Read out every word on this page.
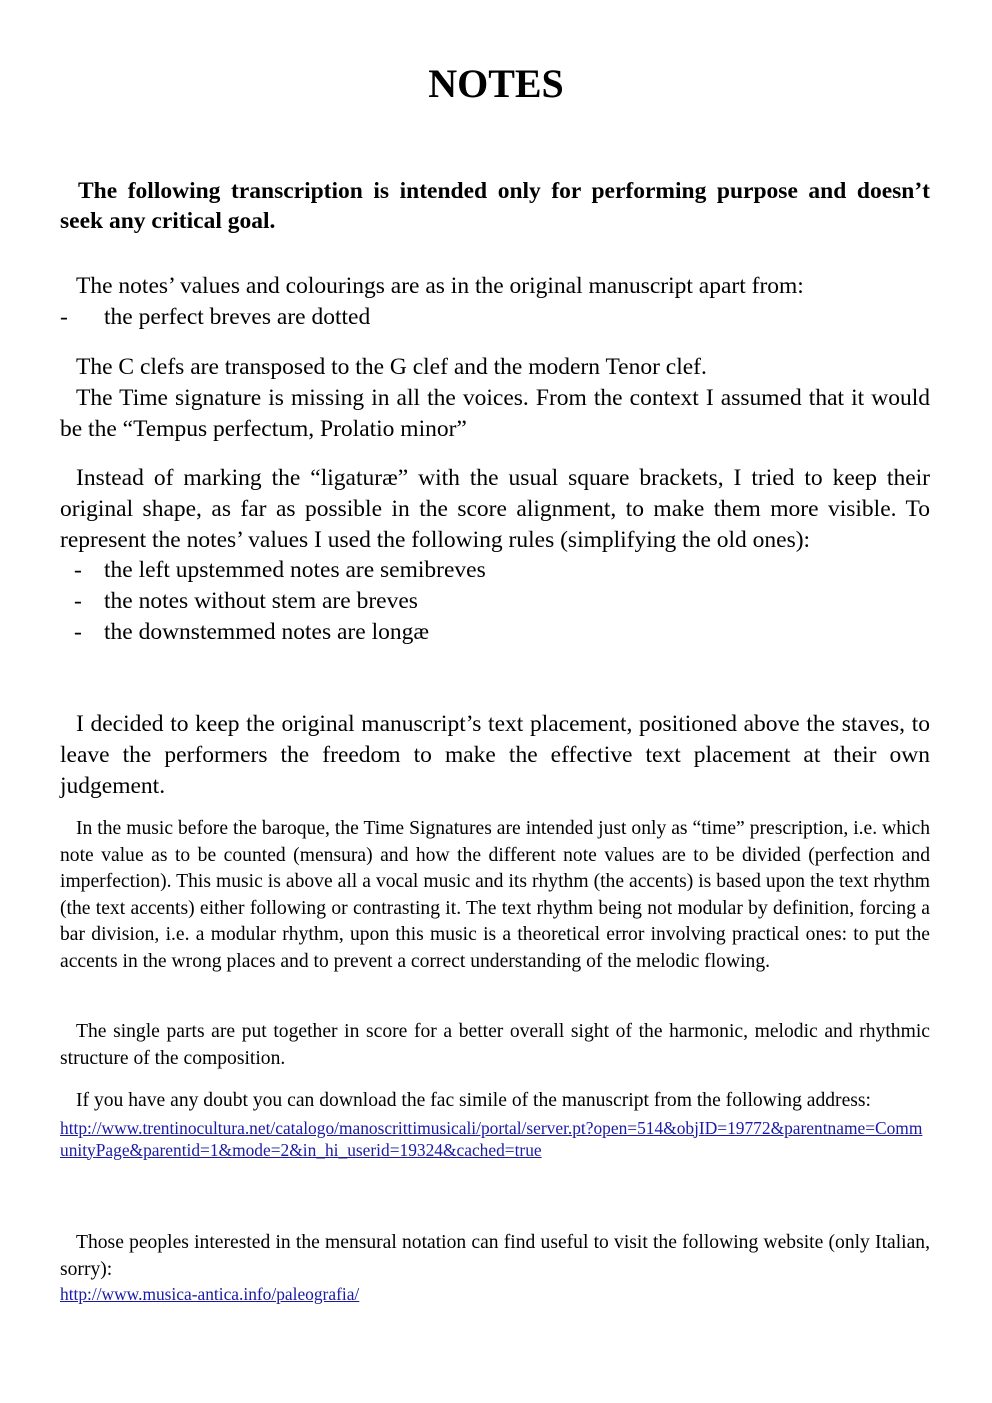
NOTES

The following transcription is intended only for performing purpose and doesn’t seek any critical goal.

The notes’ values and colourings are as in the original manuscript apart from:

-	the perfect breves are dotted

The C clefs are transposed to the G clef and the modern Tenor clef.

The Time signature is missing in all the voices. From the context I assumed that it would be the “Tempus perfectum, Prolatio minor”

Instead of marking the “ligaturæ” with the usual square brackets, I tried to keep their original shape, as far as possible in the score alignment, to make them more visible. To represent the notes’ values I used the following rules (simplifying the old ones):

- the left upstemmed notes are semibreves
- the notes without stem are breves
- the downstemmed notes are longæ

I decided to keep the original manuscript’s text placement, positioned above the staves, to leave the performers the freedom to make the effective text placement at their own judgement.

In the music before the baroque, the Time Signatures are intended just only as “time” prescription, i.e. which note value as to be counted (mensura) and how the different note values are to be divided (perfection and imperfection). This music is above all a vocal music and its rhythm (the accents) is based upon the text rhythm (the text accents) either following or contrasting it. The text rhythm being not modular by definition, forcing a bar division, i.e. a modular rhythm, upon this music is a theoretical error involving practical ones: to put the accents in the wrong places and to prevent a correct understanding of the melodic flowing.

The single parts are put together in score for a better overall sight of the harmonic, melodic and rhythmic structure of the composition.

If you have any doubt you can download the fac simile of the manuscript from the following address:

http://www.trentinocultura.net/catalogo/manoscrittimusicali/portal/server.pt?open=514&objID=19772&parentname=CommunityPage&parentid=1&mode=2&in_hi_userid=19324&cached=true

Those peoples interested in the mensural notation can find useful to visit the following website (only Italian, sorry):

http://www.musica-antica.info/paleografia/
